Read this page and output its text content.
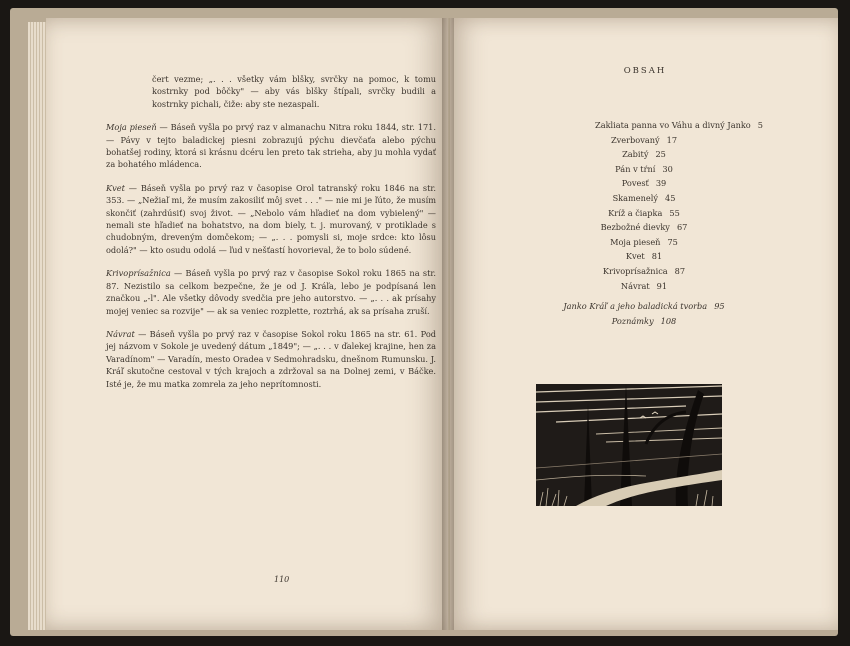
čert vezme; „. . . všetky vám blšky, svrčky na pomoc, k tomu kostrnky pod bôčky" — aby vás blšky štípali, svrčky budili a kostrnky pichali, čiže: aby ste nezaspali.

Moja pieseň — Báseň vyšla po prvý raz v almanachu Nitra roku 1844, str. 171. — Pávy v tejto baladickej piesni zobrazujú pýchu dievčaťa alebo pýchu bohatšej rodiny, ktorá si krásnu dcéru len preto tak strieha, aby ju mohla vydať za bohatého mládenca.

Kvet — Báseň vyšla po prvý raz v časopise Orol tatranský roku 1846 na str. 353. — „Nežiaľ mi, že musím zakosiliť môj svet . . ." — nie mi je ľúto, že musím skončiť (zahrdúsiť) svoj život. — „Nebolo vám hľadieť na dom vybielený" — nemali ste hľadieť na bohatstvo, na dom biely, t. j. murovaný, v protiklade s chudobným, dreveným domčekom; — „. . . pomysli si, moje srdce: kto lôsu odolá?" — kto osudu odolá — ľud v nešťastí hovorieval, že to bolo súdené.

Krivoprísažnica — Báseň vyšla po prvý raz v časopise Sokol roku 1865 na str. 87. Nezistilo sa celkom bezpečne, že je od J. Kráľa, lebo je podpísaná len značkou „-l". Ale všetky dôvody svedčia pre jeho autorstvo. — „. . . ak prísahy mojej veniec sa rozvije" — ak sa veniec rozplette, roztrhá, ak sa prísaha zruší.

Návrat — Báseň vyšla po prvý raz v časopise Sokol roku 1865 na str. 61. Pod jej názvom v Sokole je uvedený dátum „1849"; — „. . . v ďalekej krajine, hen za Varadínom" — Varadín, mesto Oradea v Sedmohradsku, dnešnom Rumunsku. J. Kráľ skutočne cestoval v tých krajoch a zdržoval sa na Dolnej zemi, v Báčke. Isté je, že mu matka zomrela za jeho neprítomnosti.

110
OBSAH
Zakliata panna vo Váhu a divný Janko 5
Zverbovaný 17
Zabitý 25
Pán v tŕní 30
Povesť 39
Skamenelý 45
Kríž a čiapka 55
Bezbožné dievky 67
Moja pieseň 75
Kvet 81
Krivoprísažnica 87
Návrat 91
Janko Kráľ a jeho baladická tvorba 95
Poznámky 108
